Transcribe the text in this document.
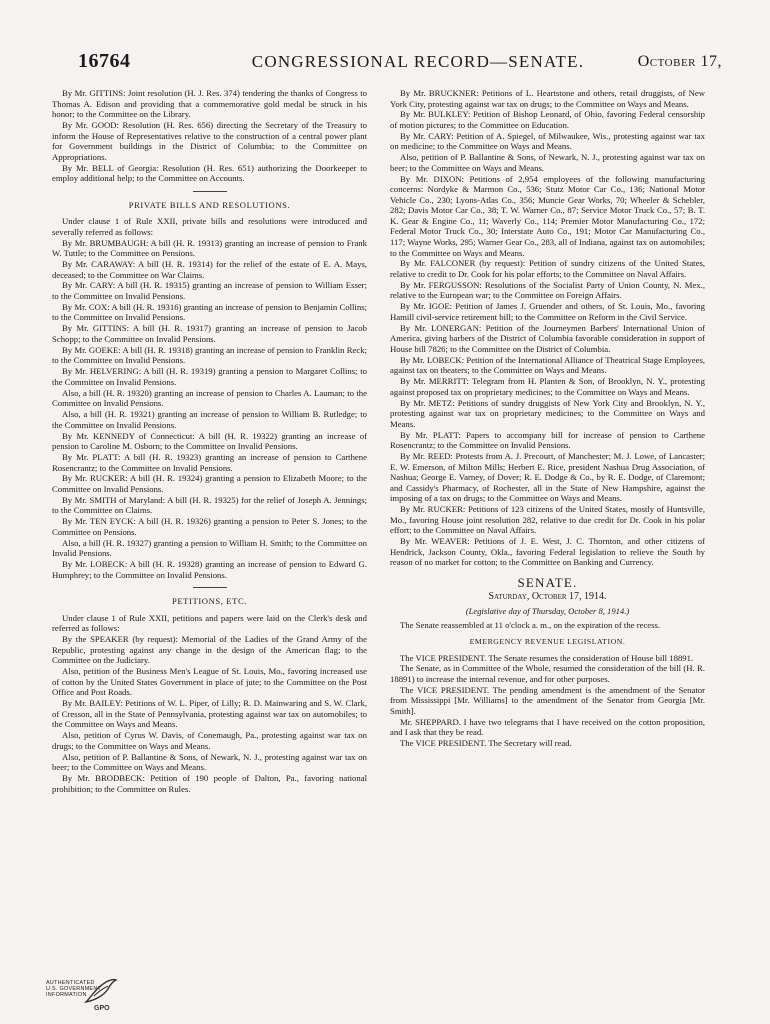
16764	CONGRESSIONAL RECORD—SENATE.	October 17,

By Mr. GITTINS: Joint resolution (H. J. Res. 374) tendering the thanks of Congress to Thomas A. Edison and providing that a commemorative gold medal be struck in his honor; to the Committee on the Library.

By Mr. GOOD: Resolution (H. Res. 656) directing the Secretary of the Treasury to inform the House of Representatives relative to the construction of a central power plant for Government buildings in the District of Columbia; to the Committee on Appropriations.

By Mr. BELL of Georgia: Resolution (H. Res. 651) authorizing the Doorkeeper to employ additional help; to the Committee on Accounts.

PRIVATE BILLS AND RESOLUTIONS.

Under clause 1 of Rule XXII, private bills and resolutions were introduced and severally referred as follows:

By Mr. BRUMBAUGH: A bill (H. R. 19313) granting an increase of pension to Frank W. Tuttle; to the Committee on Pensions.

By Mr. CARAWAY: A bill (H. R. 19314) for the relief of the estate of E. A. Mays, deceased; to the Committee on War Claims.

By Mr. CARY: A bill (H. R. 19315) granting an increase of pension to William Esser; to the Committee on Invalid Pensions.

By Mr. COX: A bill (H. R. 19316) granting an increase of pension to Benjamin Collins; to the Committee on Invalid Pensions.

By Mr. GITTINS: A bill (H. R. 19317) granting an increase of pension to Jacob Schopp; to the Committee on Invalid Pensions.

By Mr. GOEKE: A bill (H. R. 19318) granting an increase of pension to Franklin Reck; to the Committee on Invalid Pensions.

By Mr. HELVERING: A bill (H. R. 19319) granting a pension to Margaret Collins; to the Committee on Invalid Pensions.

Also, a bill (H. R. 19320) granting an increase of pension to Charles A. Lauman; to the Committee on Invalid Pensions.

Also, a bill (H. R. 19321) granting an increase of pension to William B. Rutledge; to the Committee on Invalid Pensions.

By Mr. KENNEDY of Connecticut: A bill (H. R. 19322) granting an increase of pension to Caroline M. Osborn; to the Committee on Invalid Pensions.

By Mr. PLATT: A bill (H. R. 19323) granting an increase of pension to Carthene Rosencrantz; to the Committee on Invalid Pensions.

By Mr. RUCKER: A bill (H. R. 19324) granting a pension to Elizabeth Moore; to the Committee on Invalid Pensions.

By Mr. SMITH of Maryland: A bill (H. R. 19325) for the relief of Joseph A. Jennings; to the Committee on Claims.

By Mr. TEN EYCK: A bill (H. R. 19326) granting a pension to Peter S. Jones; to the Committee on Pensions.

Also, a bill (H. R. 19327) granting a pension to William H. Smith; to the Committee on Invalid Pensions.

By Mr. LOBECK: A bill (H. R. 19328) granting an increase of pension to Edward G. Humphrey; to the Committee on Invalid Pensions.

PETITIONS, ETC.

Under clause 1 of Rule XXII, petitions and papers were laid on the Clerk's desk and referred as follows:

By the SPEAKER (by request): Memorial of the Ladies of the Grand Army of the Republic, protesting against any change in the design of the American flag; to the Committee on the Judiciary.

Also, petition of the Business Men's League of St. Louis, Mo., favoring increased use of cotton by the United States Government in place of jute; to the Committee on the Post Office and Post Roads.

By Mr. BAILEY: Petitions of W. L. Piper, of Lilly; R. D. Mainwaring and S. W. Clark, of Cresson, all in the State of Pennsylvania, protesting against war tax on automobiles; to the Committee on Ways and Means.

Also, petition of Cyrus W. Davis, of Conemaugh, Pa., protesting against war tax on drugs; to the Committee on Ways and Means.

Also, petition of P. Ballantine & Sons, of Newark, N. J., protesting against war tax on beer; to the Committee on Ways and Means.

By Mr. BRODBECK: Petition of 190 people of Dalton, Pa., favoring national prohibition; to the Committee on Rules.

By Mr. BRUCKNER: Petitions of L. Heartstone and others, retail druggists, of New York City, protesting against war tax on drugs; to the Committee on Ways and Means.

By Mr. BULKLEY: Petition of Bishop Leonard, of Ohio, favoring Federal censorship of motion pictures; to the Committee on Education.

By Mr. CARY: Petition of A. Spiegel, of Milwaukee, Wis., protesting against war tax on medicine; to the Committee on Ways and Means.

Also, petition of P. Ballantine & Sons, of Newark, N. J., protesting against war tax on beer; to the Committee on Ways and Means.

By Mr. DIXON: Petitions of 2,954 employees of the following manufacturing concerns: Nordyke & Marmon Co., 536; Stutz Motor Car Co., 136; National Motor Vehicle Co., 230; Lyons-Atlas Co., 356; Muncie Gear Works, 70; Wheeler & Schebler, 282; Davis Motor Car Co., 38; T. W. Warner Co., 87; Service Motor Truck Co., 57; B. T. K. Gear & Engine Co., 11; Waverly Co., 114; Premier Motor Manufacturing Co., 172; Federal Motor Truck Co., 30; Interstate Auto Co., 191; Motor Car Manufacturing Co., 117; Wayne Works, 295; Warner Gear Co., 283, all of Indiana, against tax on automobiles; to the Committee on Ways and Means.

By Mr. FALCONER (by request): Petition of sundry citizens of the United States, relative to credit to Dr. Cook for his polar efforts; to the Committee on Naval Affairs.

By Mr. FERGUSSON: Resolutions of the Socialist Party of Union County, N. Mex., relative to the European war; to the Committee on Foreign Affairs.

By Mr. IGOE: Petition of James J. Gruender and others, of St. Louis, Mo., favoring Hamill civil-service retirement bill; to the Committee on Reform in the Civil Service.

By Mr. LONERGAN: Petition of the Journeymen Barbers' International Union of America, giving barbers of the District of Columbia favorable consideration in support of House bill 7826; to the Committee on the District of Columbia.

By Mr. LOBECK: Petition of the International Alliance of Theatrical Stage Employees, against tax on theaters; to the Committee on Ways and Means.

By Mr. MERRITT: Telegram from H. Planten & Son, of Brooklyn, N. Y., protesting against proposed tax on proprietary medicines; to the Committee on Ways and Means.

By Mr. METZ: Petitions of sundry druggists of New York City and Brooklyn, N. Y., protesting against war tax on proprietary medicines; to the Committee on Ways and Means.

By Mr. PLATT: Papers to accompany bill for increase of pension to Carthene Rosencrantz; to the Committee on Invalid Pensions.

By Mr. REED: Protests from A. J. Precourt, of Manchester; M. J. Lowe, of Lancaster; E. W. Emerson, of Milton Mills; Herbert E. Rice, president Nashua Drug Association, of Nashua; George E. Varney, of Dover; R. E. Dodge & Co., by R. E. Dodge, of Claremont; and Cassidy's Pharmacy, of Rochester, all in the State of New Hampshire, against the imposing of a tax on drugs; to the Committee on Ways and Means.

By Mr. RUCKER: Petitions of 123 citizens of the United States, mostly of Huntsville, Mo., favoring House joint resolution 282, relative to due credit for Dr. Cook in his polar effort; to the Committee on Naval Affairs.

By Mr. WEAVER: Petitions of J. E. West, J. C. Thornton, and other citizens of Hendrick, Jackson County, Okla., favoring Federal legislation to relieve the South by reason of no market for cotton; to the Committee on Banking and Currency.

SENATE.
Saturday, October 17, 1914.
(Legislative day of Thursday, October 8, 1914.)

The Senate reassembled at 11 o'clock a. m., on the expiration of the recess.

EMERGENCY REVENUE LEGISLATION.

The VICE PRESIDENT. The Senate resumes the consideration of House bill 18891.

The Senate, as in Committee of the Whole, resumed the consideration of the bill (H. R. 18891) to increase the internal revenue, and for other purposes.

The VICE PRESIDENT. The pending amendment is the amendment of the Senator from Mississippi [Mr. Williams] to the amendment of the Senator from Georgia [Mr. Smith].

Mr. SHEPPARD. I have two telegrams that I have received on the cotton proposition, and I ask that they be read.

The VICE PRESIDENT. The Secretary will read.

AUTHENTICATED
U.S. GOVERNMENT
INFORMATION
GPO
